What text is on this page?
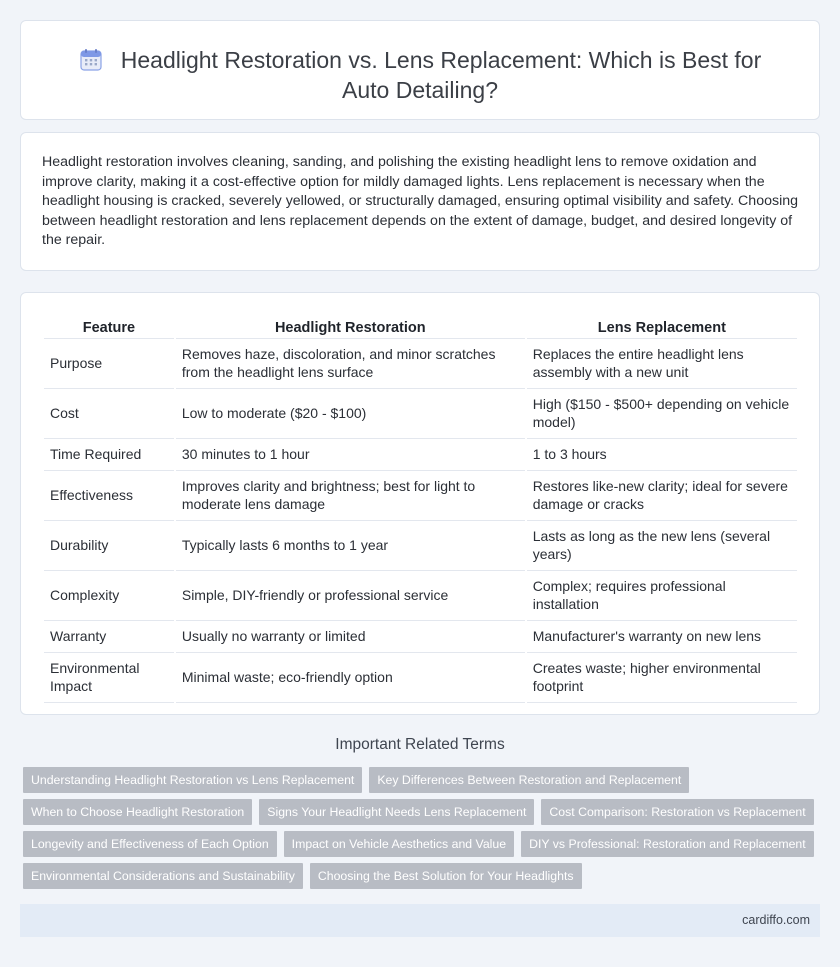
Headlight Restoration vs. Lens Replacement: Which is Best for Auto Detailing?

Headlight restoration involves cleaning, sanding, and polishing the existing headlight lens to remove oxidation and improve clarity, making it a cost-effective option for mildly damaged lights. Lens replacement is necessary when the headlight housing is cracked, severely yellowed, or structurally damaged, ensuring optimal visibility and safety. Choosing between headlight restoration and lens replacement depends on the extent of damage, budget, and desired longevity of the repair.

Feature	Headlight Restoration	Lens Replacement
Purpose	Removes haze, discoloration, and minor scratches from the headlight lens surface	Replaces the entire headlight lens assembly with a new unit
Cost	Low to moderate ($20 - $100)	High ($150 - $500+ depending on vehicle model)
Time Required	30 minutes to 1 hour	1 to 3 hours
Effectiveness	Improves clarity and brightness; best for light to moderate lens damage	Restores like-new clarity; ideal for severe damage or cracks
Durability	Typically lasts 6 months to 1 year	Lasts as long as the new lens (several years)
Complexity	Simple, DIY-friendly or professional service	Complex; requires professional installation
Warranty	Usually no warranty or limited	Manufacturer's warranty on new lens
Environmental Impact	Minimal waste; eco-friendly option	Creates waste; higher environmental footprint
Important Related Terms
Understanding Headlight Restoration vs Lens Replacement Key Differences Between Restoration and Replacement
When to Choose Headlight Restoration Signs Your Headlight Needs Lens Replacement Cost Comparison: Restoration vs Replacement
Longevity and Effectiveness of Each Option Impact on Vehicle Aesthetics and Value DIY vs Professional: Restoration and Replacement
Environmental Considerations and Sustainability Choosing the Best Solution for Your Headlights
cardiffo.com
